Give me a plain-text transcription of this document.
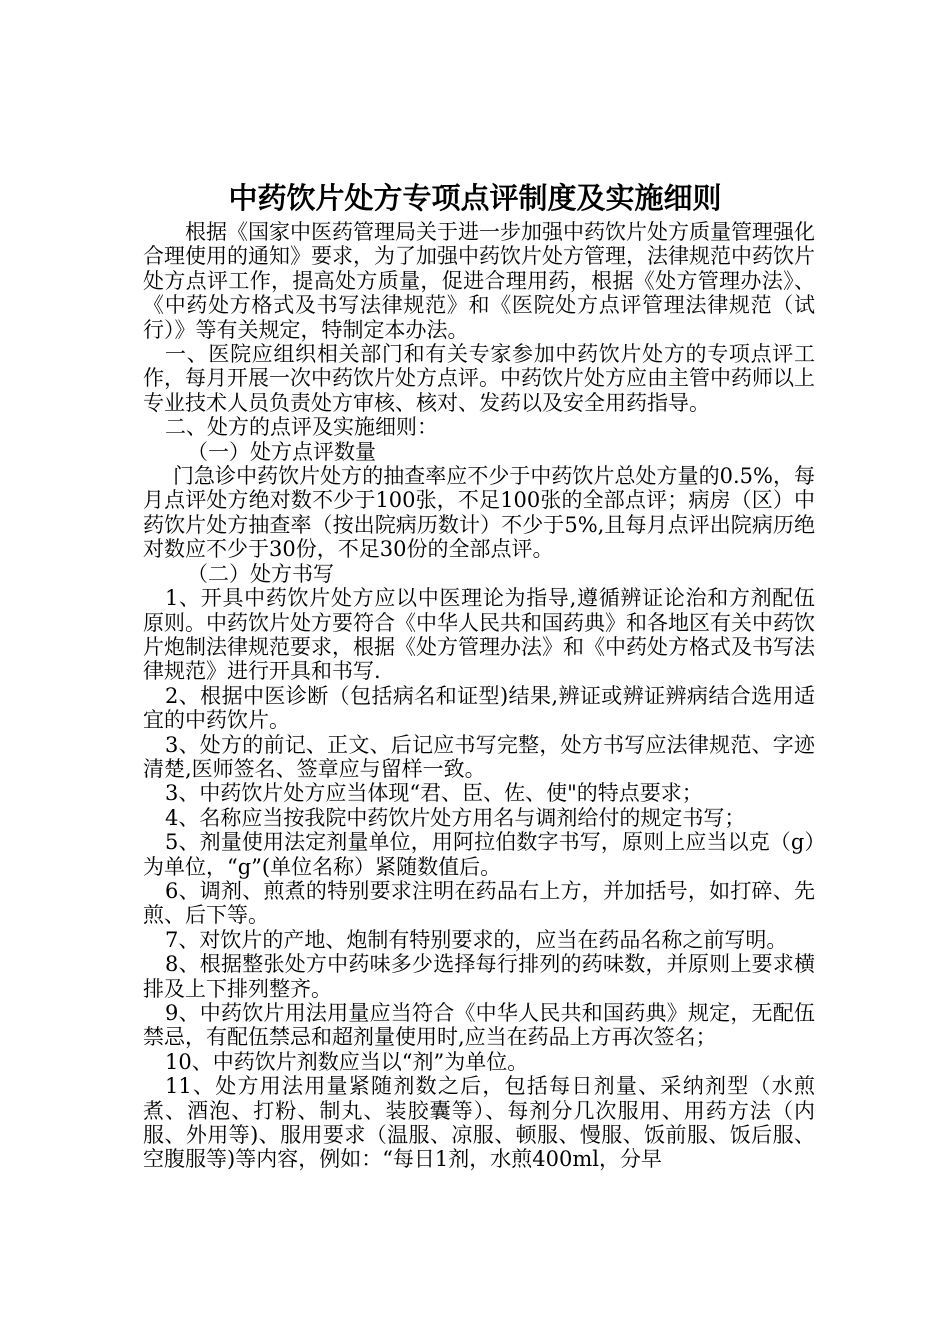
中药饮片处方专项点评制度及实施细则

根据《国家中医药管理局关于进一步加强中药饮片处方质量管理强化合理使用的通知》要求，为了加强中药饮片处方管理，法律规范中药饮片处方点评工作，提高处方质量，促进合理用药，根据《处方管理办法》、《中药处方格式及书写法律规范》和《医院处方点评管理法律规范（试行）》等有关规定，特制定本办法。

一、医院应组织相关部门和有关专家参加中药饮片处方的专项点评工作，每月开展一次中药饮片处方点评。中药饮片处方应由主管中药师以上专业技术人员负责处方审核、核对、发药以及安全用药指导。

二、处方的点评及实施细则：

（一）处方点评数量

门急诊中药饮片处方的抽查率应不少于中药饮片总处方量的0.5%，每月点评处方绝对数不少于100张，不足100张的全部点评；病房（区）中药饮片处方抽查率（按出院病历数计）不少于5%,且每月点评出院病历绝对数应不少于30份，不足30份的全部点评。

（二）处方书写

1、开具中药饮片处方应以中医理论为指导,遵循辨证论治和方剂配伍原则。中药饮片处方要符合《中华人民共和国药典》和各地区有关中药饮片炮制法律规范要求，根据《处方管理办法》和《中药处方格式及书写法律规范》进行开具和书写.

2、根据中医诊断（包括病名和证型)结果,辨证或辨证辨病结合选用适宜的中药饮片。

3、处方的前记、正文、后记应书写完整，处方书写应法律规范、字迹清楚,医师签名、签章应与留样一致。

3、中药饮片处方应当体现“君、臣、佐、使"的特点要求；

4、名称应当按我院中药饮片处方用名与调剂给付的规定书写；

5、剂量使用法定剂量单位，用阿拉伯数字书写，原则上应当以克（g）为单位，“g”(单位名称）紧随数值后。

6、调剂、煎煮的特别要求注明在药品右上方，并加括号，如打碎、先煎、后下等。

7、对饮片的产地、炮制有特别要求的，应当在药品名称之前写明。

8、根据整张处方中药味多少选择每行排列的药味数，并原则上要求横排及上下排列整齐。

9、中药饮片用法用量应当符合《中华人民共和国药典》规定，无配伍禁忌，有配伍禁忌和超剂量使用时,应当在药品上方再次签名；

10、中药饮片剂数应当以“剂”为单位。

11、处方用法用量紧随剂数之后，包括每日剂量、采纳剂型（水煎煮、酒泡、打粉、制丸、装胶囊等）、每剂分几次服用、用药方法（内服、外用等)、服用要求（温服、凉服、顿服、慢服、饭前服、饭后服、空腹服等)等内容，例如：“每日1剂，水煎400ml，分早
